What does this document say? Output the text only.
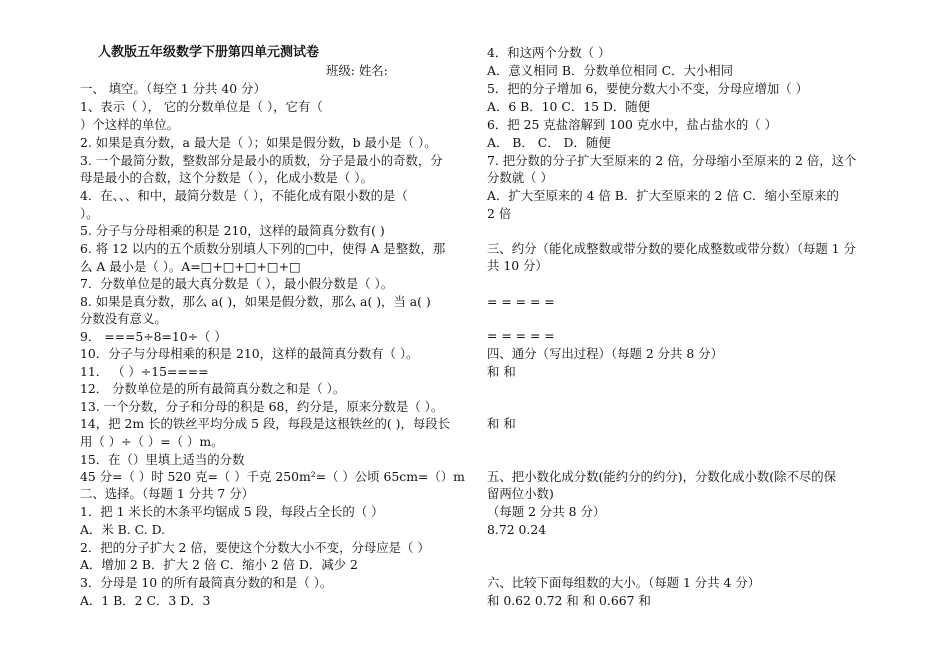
人教版五年级数学下册第四单元测试卷
班级: 姓名:
一、 填空。（每空 1 分共 40 分）
1、表示（ ）， 它的分数单位是（ ），它有（
）个这样的单位。
2. 如果是真分数，a 最大是（ ）；如果是假分数，b 最小是（ ）。
3. 一个最简分数，整数部分是最小的质数，分子是最小的奇数，分
母是最小的合数，这个分数是（ ），化成小数是（ ）。
4．在、、、和中，最简分数是（ ），不能化成有限小数的是（
）。
5. 分子与分母相乘的积是 210，这样的最简真分数有( )
6. 将 12 以内的五个质数分别填人下列的□中，使得 A 是整数，那
么 A 最小是（ ）。A=□+□+□+□+□
7．分数单位是的最大真分数是（ ），最小假分数是（ ）。
8. 如果是真分数，那么 a( )，如果是假分数，那么 a( )，当 a( )
分数没有意义。
9． ===5÷8=10÷（ ）
10．分子与分母相乘的积是 210，这样的最简真分数有（ ）。
11． （ ）÷15====
12． 分数单位是的所有最简真分数之和是（ ）。
13. 一个分数，分子和分母的积是 68，约分是，原来分数是（ ）。
14，把 2m 长的铁丝平均分成 5 段，每段是这根铁丝的( )，每段长
用（ ）÷（ ）=（ ）m。
15．在（）里填上适当的分数
45 分=（ ）时 520 克=（ ）千克 250m²=（ ）公顷 65cm=（）m
二、选择。（每题 1 分共 7 分）
1．把 1 米长的木条平均锯成 5 段，每段占全长的（ ）
A．米 B. C. D.
2．把的分子扩大 2 倍，要使这个分数大小不变，分母应是（ ）
A．增加 2 B．扩大 2 倍 C．缩小 2 倍 D．减少 2
3．分母是 10 的所有最简真分数的和是（ ）。
A．1 B．2 C．3 D．3
4．和这两个分数（ ）
A．意义相同 B．分数单位相同 C．大小相同
5．把的分子增加 6，要使分数大小不变，分母应增加（ ）
A．6 B．10 C．15 D．随便
6．把 25 克盐溶解到 100 克水中，盐占盐水的（ ）
A． B． C． D．随便
7. 把分数的分子扩大至原来的 2 倍，分母缩小至原来的 2 倍，这个
分数就（ ）
A．扩大至原来的 4 倍 B．扩大至原来的 2 倍 C．缩小至原来的
2 倍
三、约分（能化成整数或带分数的要化成整数或带分数）（每题 1 分
共 10 分）
= = = = =
= = = = =
四、通分（写出过程）（每题 2 分共 8 分）
和 和
和 和
五、把小数化成分数(能约分的约分)，分数化成小数(除不尽的保
留两位小数)
（每题 2 分共 8 分）
8.72 0.24
六、比较下面每组数的大小。（每题 1 分共 4 分）
和 0.62 0.72 和 和 0.667 和
